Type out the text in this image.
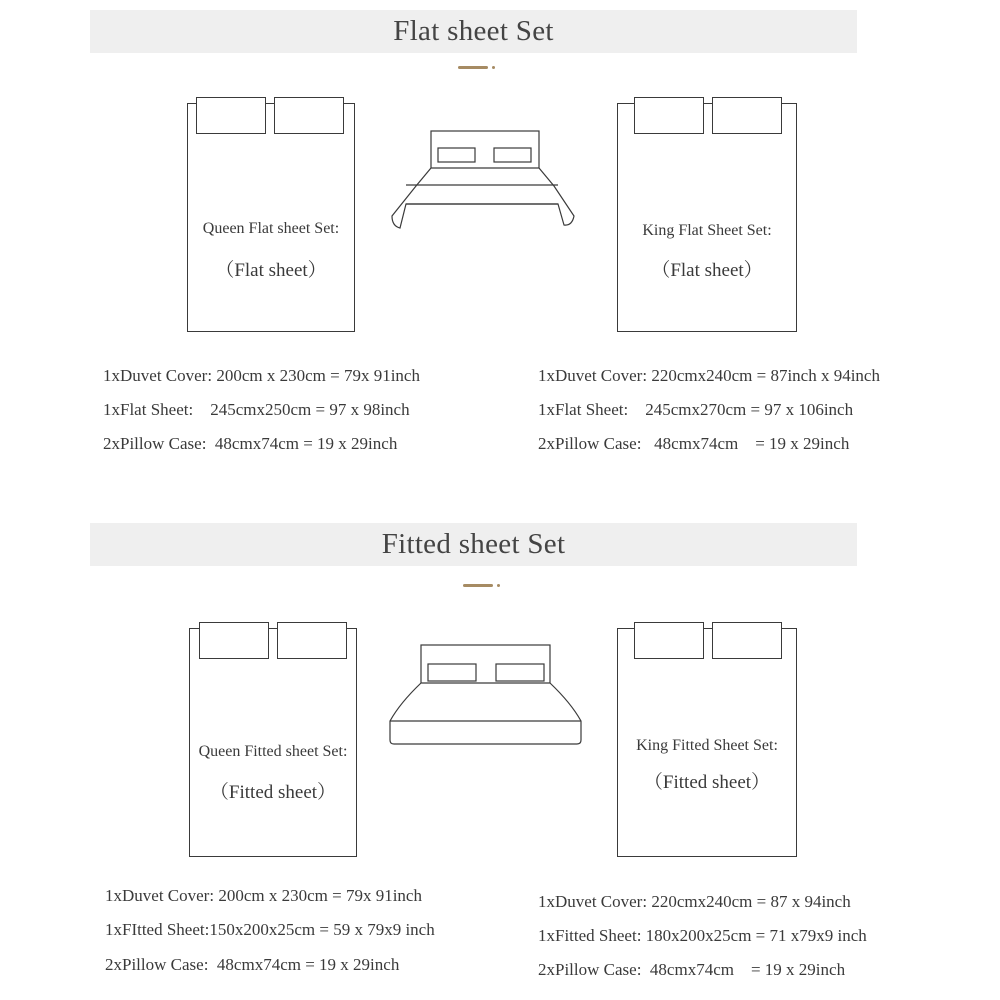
Flat sheet Set
Queen Flat sheet Set:
（Flat sheet）
King Flat Sheet Set:
（Flat sheet）
1xDuvet Cover: 200cm x 230cm = 79x 91inch
1xFlat Sheet:    245cmx250cm = 97 x 98inch
2xPillow Case:  48cmx74cm = 19 x 29inch
1xDuvet Cover: 220cmx240cm = 87inch x 94inch
1xFlat Sheet:    245cmx270cm = 97 x 106inch
2xPillow Case:   48cmx74cm    = 19 x 29inch
Fitted sheet Set
Queen Fitted sheet Set:
（Fitted sheet）
King Fitted Sheet Set:
（Fitted sheet）
1xDuvet Cover: 200cm x 230cm = 79x 91inch
1xFItted Sheet:150x200x25cm = 59 x 79x9 inch
2xPillow Case:  48cmx74cm = 19 x 29inch
1xDuvet Cover: 220cmx240cm = 87 x 94inch
1xFitted Sheet: 180x200x25cm = 71 x79x9 inch
2xPillow Case:  48cmx74cm    = 19 x 29inch
